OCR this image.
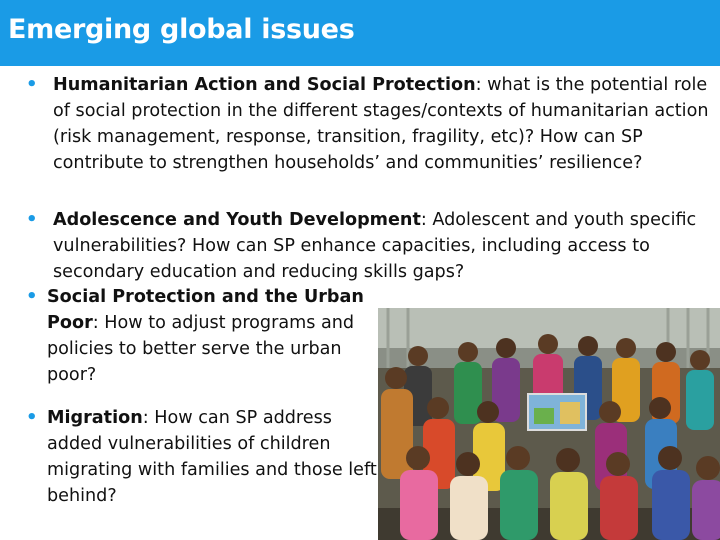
Emerging global issues
• Humanitarian Action and Social Protection: what is the potential role of social protection in the different stages/contexts of humanitarian action (risk management, response, transition, fragility, etc)? How can SP contribute to strengthen households’ and communities’ resilience?
• Adolescence and Youth Development: Adolescent and youth specific vulnerabilities? How can SP enhance capacities, including access to secondary education and reducing skills gaps?
• Social Protection and the Urban Poor: How to adjust programs and policies to better serve the urban poor?
• Migration: How can SP address added vulnerabilities of children migrating with families and those left behind?
